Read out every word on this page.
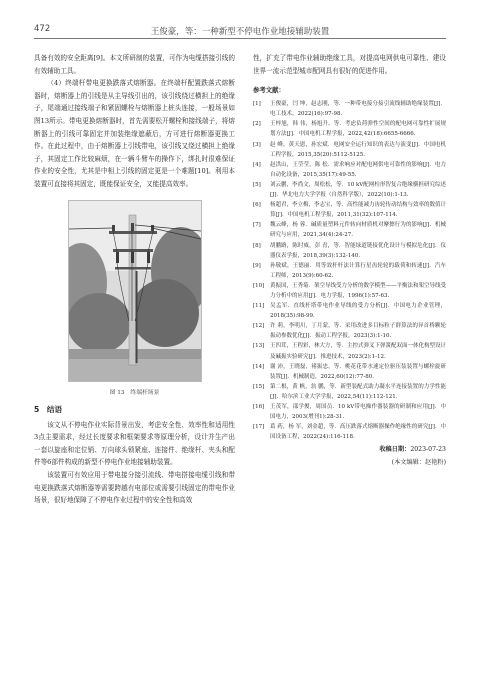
472	王俊豪，等：一种新型不停电作业地接辅助装置

具备有效的安全距离[9]。本文所研制的装置，可作为电缆搭接引线的有效辅助工具。

（4）终端杆带电更换跌落式熔断器。在终端杆配置跌落式熔断器时，熔断器上的引线是从主导线引出的，该引线绕过横担上的绝缘子，尾端通过接线端子和紧固螺栓与熔断器上桩头连接，一般场景如图13所示。带电更换熔断器时，首先需要松开螺栓和接线端子，将熔断器上的引线可靠固定并加装绝缘遮蔽后，方可进行熔断器更换工作。在此过程中，由于熔断器上引线带电，该引线又绕过横担上绝缘子，其固定工作比较麻烦，在一辆斗臂车的操作下，绑扎时很难保证作业的安全性，尤其是中相上引线的固定更是一个难题[10]。利用本装置可直接将其固定，既能保证安全，又能提高效率。

图 13　终端杆场景

5　结语

该文从不停电作业实际背景出发，考虑安全性、效率性和适用性3点主要需求，经过长度要求和框架要求等原理分析，设计并生产出一套以旋座和定位销、万向球头锁紧座、连接件、绝缘杆、夹头和配件等6部件构成的新型不停电作业地接辅助装置。

该装置可有效应用于带电接分接引流线、带电搭接电缆引线和带电更换跌落式熔断器等需要跨越有电部位或需要引线固定的带电作业场景，很好地保障了不停电作业过程中的安全性和高效

性，扩充了带电作业辅助绝缘工具，对提高电网供电可靠性、建设世界一流示范型城市配网具有很好的促进作用。

参考文献：

[1] 王俊豪，闫 坤，赵志刚，等．一种带电接分接引流线辅助绝缘装置[J]．电工技术，2022(16):97-98.

[2] 王梓旭，韩 伟，杨旭升，等．考虑负荷弹性空间的配电网可靠性扩展规划方法[J]．中国电机工程学报，2022,42(18):6655-6666.

[3] 赵 峰，黄天恩，孙宏斌．电网安全运行知识的表达与演变[J]．中国电机工程学报，2015,35(20):5112-5125.

[4] 赵洪山，王莹莹，陈 松．需求响应对配电网供电可靠性的影响[J]．电力自动化设备，2015,35(17):49-55.

[5] 刘云鹏，李尚文，周松松，等．10 kV配网柱形智复合绝缘横担研究综述[J]．华北电力大学学报（自然科学版），2022(10):1-13.

[6] 杨超君，李立梅，李志宝，等．高性能减力齿轮传动结构与效率的数值计算[J]．中国电机工程学报，2011,31(32):107-114.

[7] 魏云峰，杨 蓉．碱质量塑料元件转向材质机对摩擦行为的影响[J]．机械研究与应用，2021,34(4):24-27.

[8] 胡鹏路，陈时威，彭 青，等．智能绿道链接优化设计与模拟危化[J]．仪器仪表学报，2018,39(3):132-140.

[9] 孙敬斌，王德丽．用等效杆杆法计算行星齿轮轮的载荷和转速[J]．汽车工程师，2013(9):60-62.

[10] 黄振国，王秀菊．架空导线受力分析的数学模型——平衡法和架空导线受力分析中的应用[J]．电力学报，1996(1):57-63.

[11] 吴孟军．直线杆塔带电作业导线的受力分析[J]．中国电力企业管理，2018(35):98-99.

[12] 许 莉，李明川，丁月蒙，等．采用改进多目标粒子群算法的异首桥颗轮振动参数优化[J]．振动工程学报，2023(3):1-10.

[13] 王四茸，王程彩，林大方，等．主控式弹叉下弹簧配双面一体化构型设计及碱振实验研究[J]．推进技术，2023(2):1-12.

[14] 谢 沛，王晓磊，褚振忠，等．桃花花带水速定位驱压装装置与螺栓旋研装置[J]．机械制造，2022,60(12):77-80.

[15] 第二根，黄 帆，翁 鹏，等．新型装配式助力凝水平连接装置的力学性能[J]．哈尔滨工业大学学报，2022,54(11):112-121.

[16] 王茂军，邵学俊，周国员．10 kV带电操作器装器的研制和应用[J]．中国电力，2003(增刊1):28-31.

[17] 葛 药，杨 军，刘金超，等．高压跌落式熔断器操作绝缘性的研究[J]．中国设备工程，2022(24):116-118.

收稿日期：2023-07-23

(本文编辑：赵艳粉)
